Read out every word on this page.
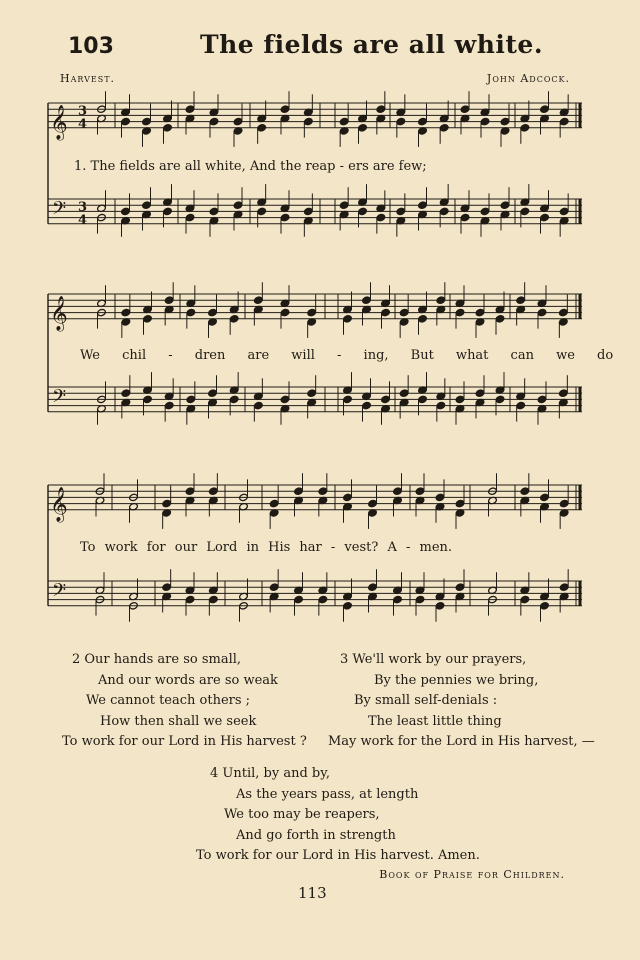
103	The fields are all white.
Harvest.	John Adcock.
𝄞
𝄢
3
4
3
4
𝄞
𝄢
𝄞
𝄢
1. The fields are all white, And the reap - ers are few;
We chil - dren are will - ing, But what can we do
To work for our Lord in His har - vest? A - men.
2 Our hands are so small,
And our words are so weak
We cannot teach others ;
How then shall we seek
To work for our Lord in His harvest ?
3 We'll work by our prayers,
By the pennies we bring,
By small self-denials :
The least little thing
May work for the Lord in His harvest, —
4 Until, by and by,
As the years pass, at length
We too may be reapers,
And go forth in strength
To work for our Lord in His harvest. Amen.
Book of Praise for Children.
113
